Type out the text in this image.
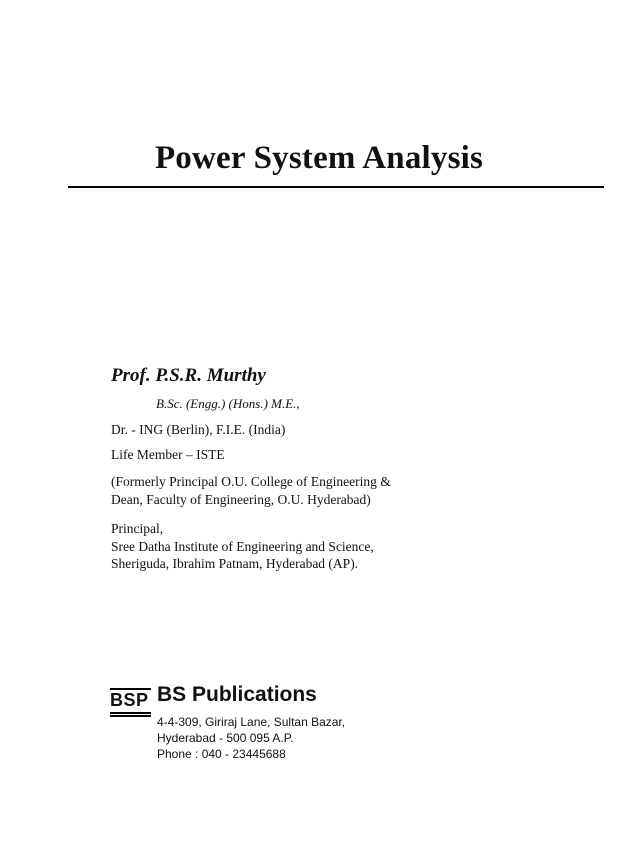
Power System Analysis
Prof. P.S.R. Murthy
B.Sc. (Engg.) (Hons.) M.E.,
Dr. - ING (Berlin), F.I.E. (India)
Life Member – ISTE
(Formerly Principal O.U. College of Engineering &
Dean, Faculty of Engineering, O.U. Hyderabad)
Principal,
Sree Datha Institute of Engineering and Science,
Sheriguda, Ibrahim Patnam, Hyderabad (AP).
BSP BS Publications
4-4-309, Giriraj Lane, Sultan Bazar,
Hyderabad - 500 095 A.P.
Phone : 040 - 23445688
